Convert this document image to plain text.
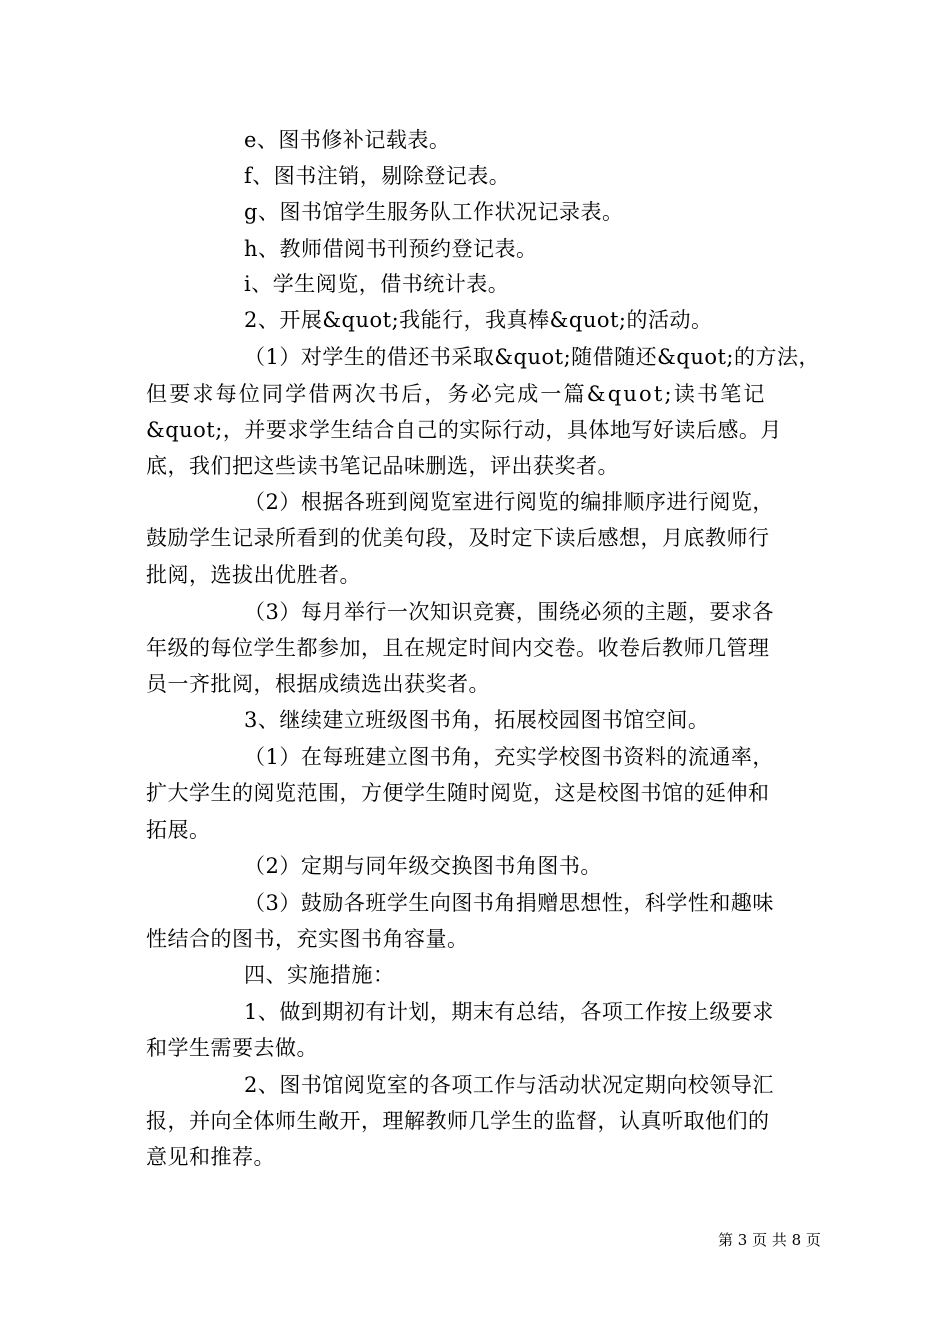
e、图书修补记载表。
f、图书注销，剔除登记表。
g、图书馆学生服务队工作状况记录表。
h、教师借阅书刊预约登记表。
i、学生阅览，借书统计表。
2、开展&quot;我能行，我真棒&quot;的活动。
（1）对学生的借还书采取&quot;随借随还&quot;的方法，
但要求每位同学借两次书后，务必完成一篇&quot;读书笔记
&quot;，并要求学生结合自己的实际行动，具体地写好读后感。月
底，我们把这些读书笔记品味删选，评出获奖者。
（2）根据各班到阅览室进行阅览的编排顺序进行阅览，
鼓励学生记录所看到的优美句段，及时定下读后感想，月底教师行
批阅，选拔出优胜者。
（3）每月举行一次知识竞赛，围绕必须的主题，要求各
年级的每位学生都参加，且在规定时间内交卷。收卷后教师几管理
员一齐批阅，根据成绩选出获奖者。
3、继续建立班级图书角，拓展校园图书馆空间。
（1）在每班建立图书角，充实学校图书资料的流通率，
扩大学生的阅览范围，方便学生随时阅览，这是校图书馆的延伸和
拓展。
（2）定期与同年级交换图书角图书。
（3）鼓励各班学生向图书角捐赠思想性，科学性和趣味
性结合的图书，充实图书角容量。
四、实施措施：
1、做到期初有计划，期末有总结，各项工作按上级要求
和学生需要去做。
2、图书馆阅览室的各项工作与活动状况定期向校领导汇
报，并向全体师生敞开，理解教师几学生的监督，认真听取他们的
意见和推荐。
第 3 页 共 8 页
